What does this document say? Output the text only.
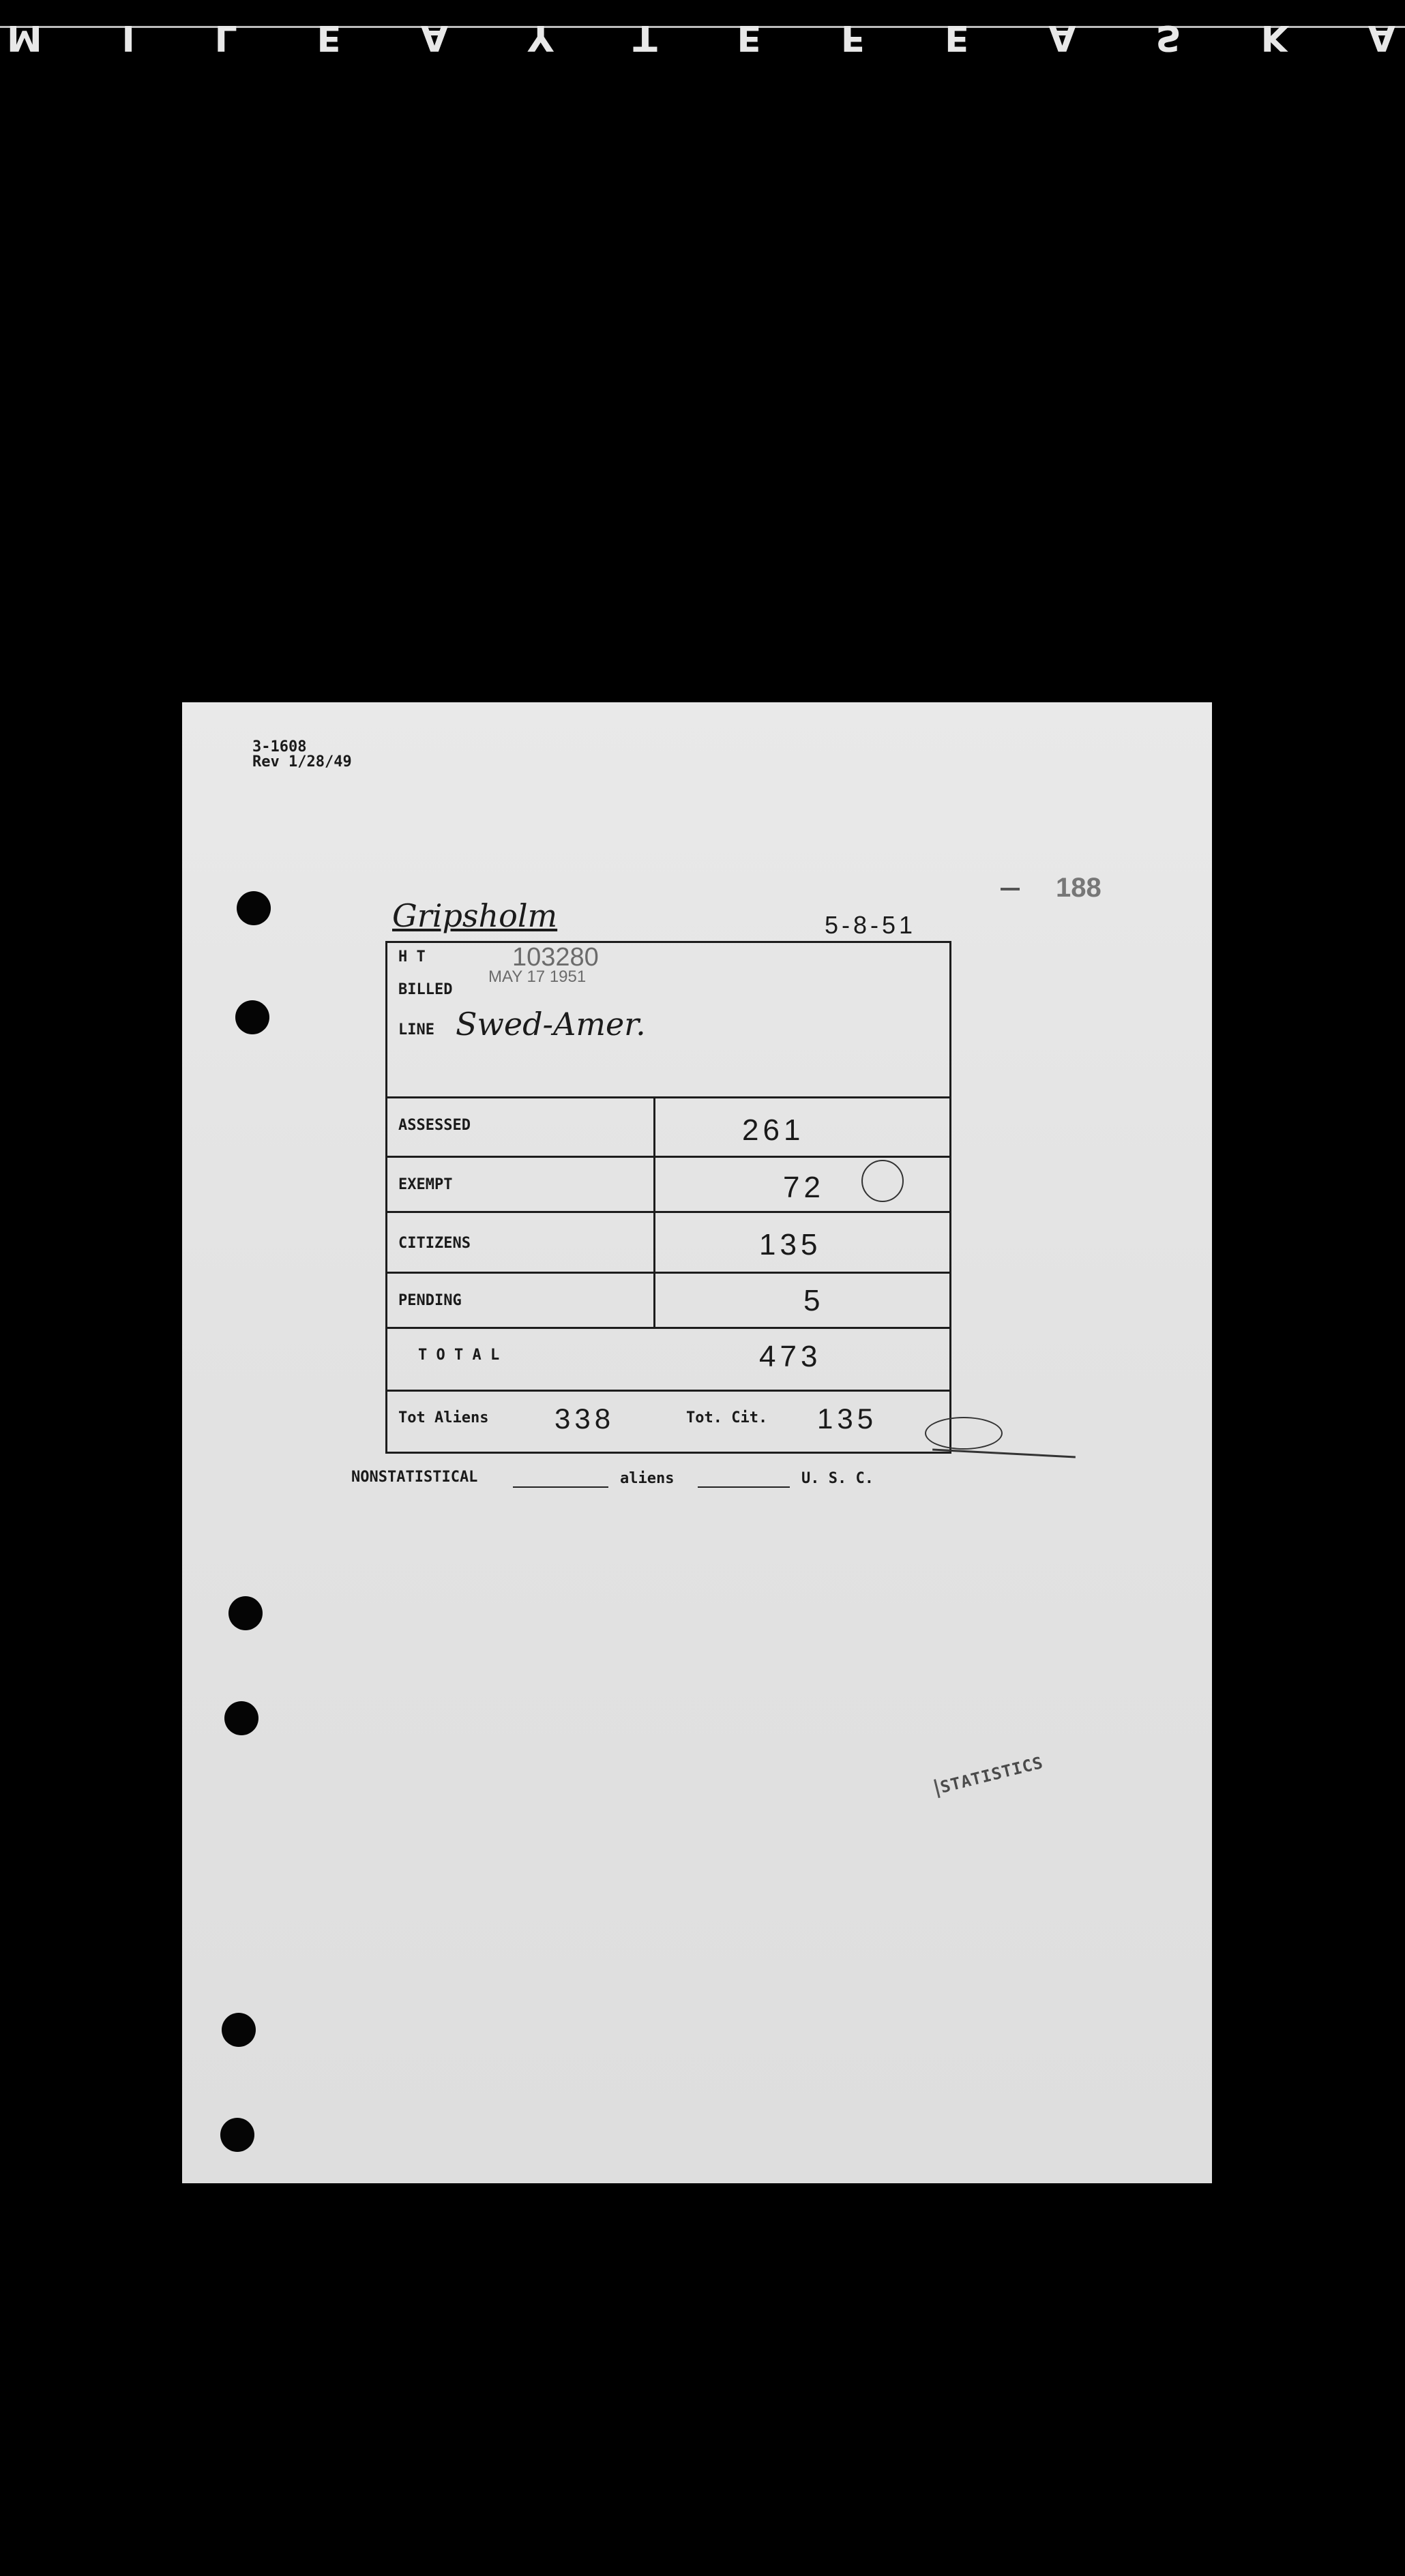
M I L E A Y T E F E A S K A
3-1608
Rev 1/28/49
188
Gripsholm	5-8-51
H T	103280
MAY 17 1951
BILLED
LINE Swed-Amer.
ASSESSED	261
EXEMPT	72
CITIZENS	135
PENDING	5
T O T A L	473
Tot Aliens 338	Tot. Cit. 135
NONSTATISTICAL	aliens	U. S. C.
STATISTICS
